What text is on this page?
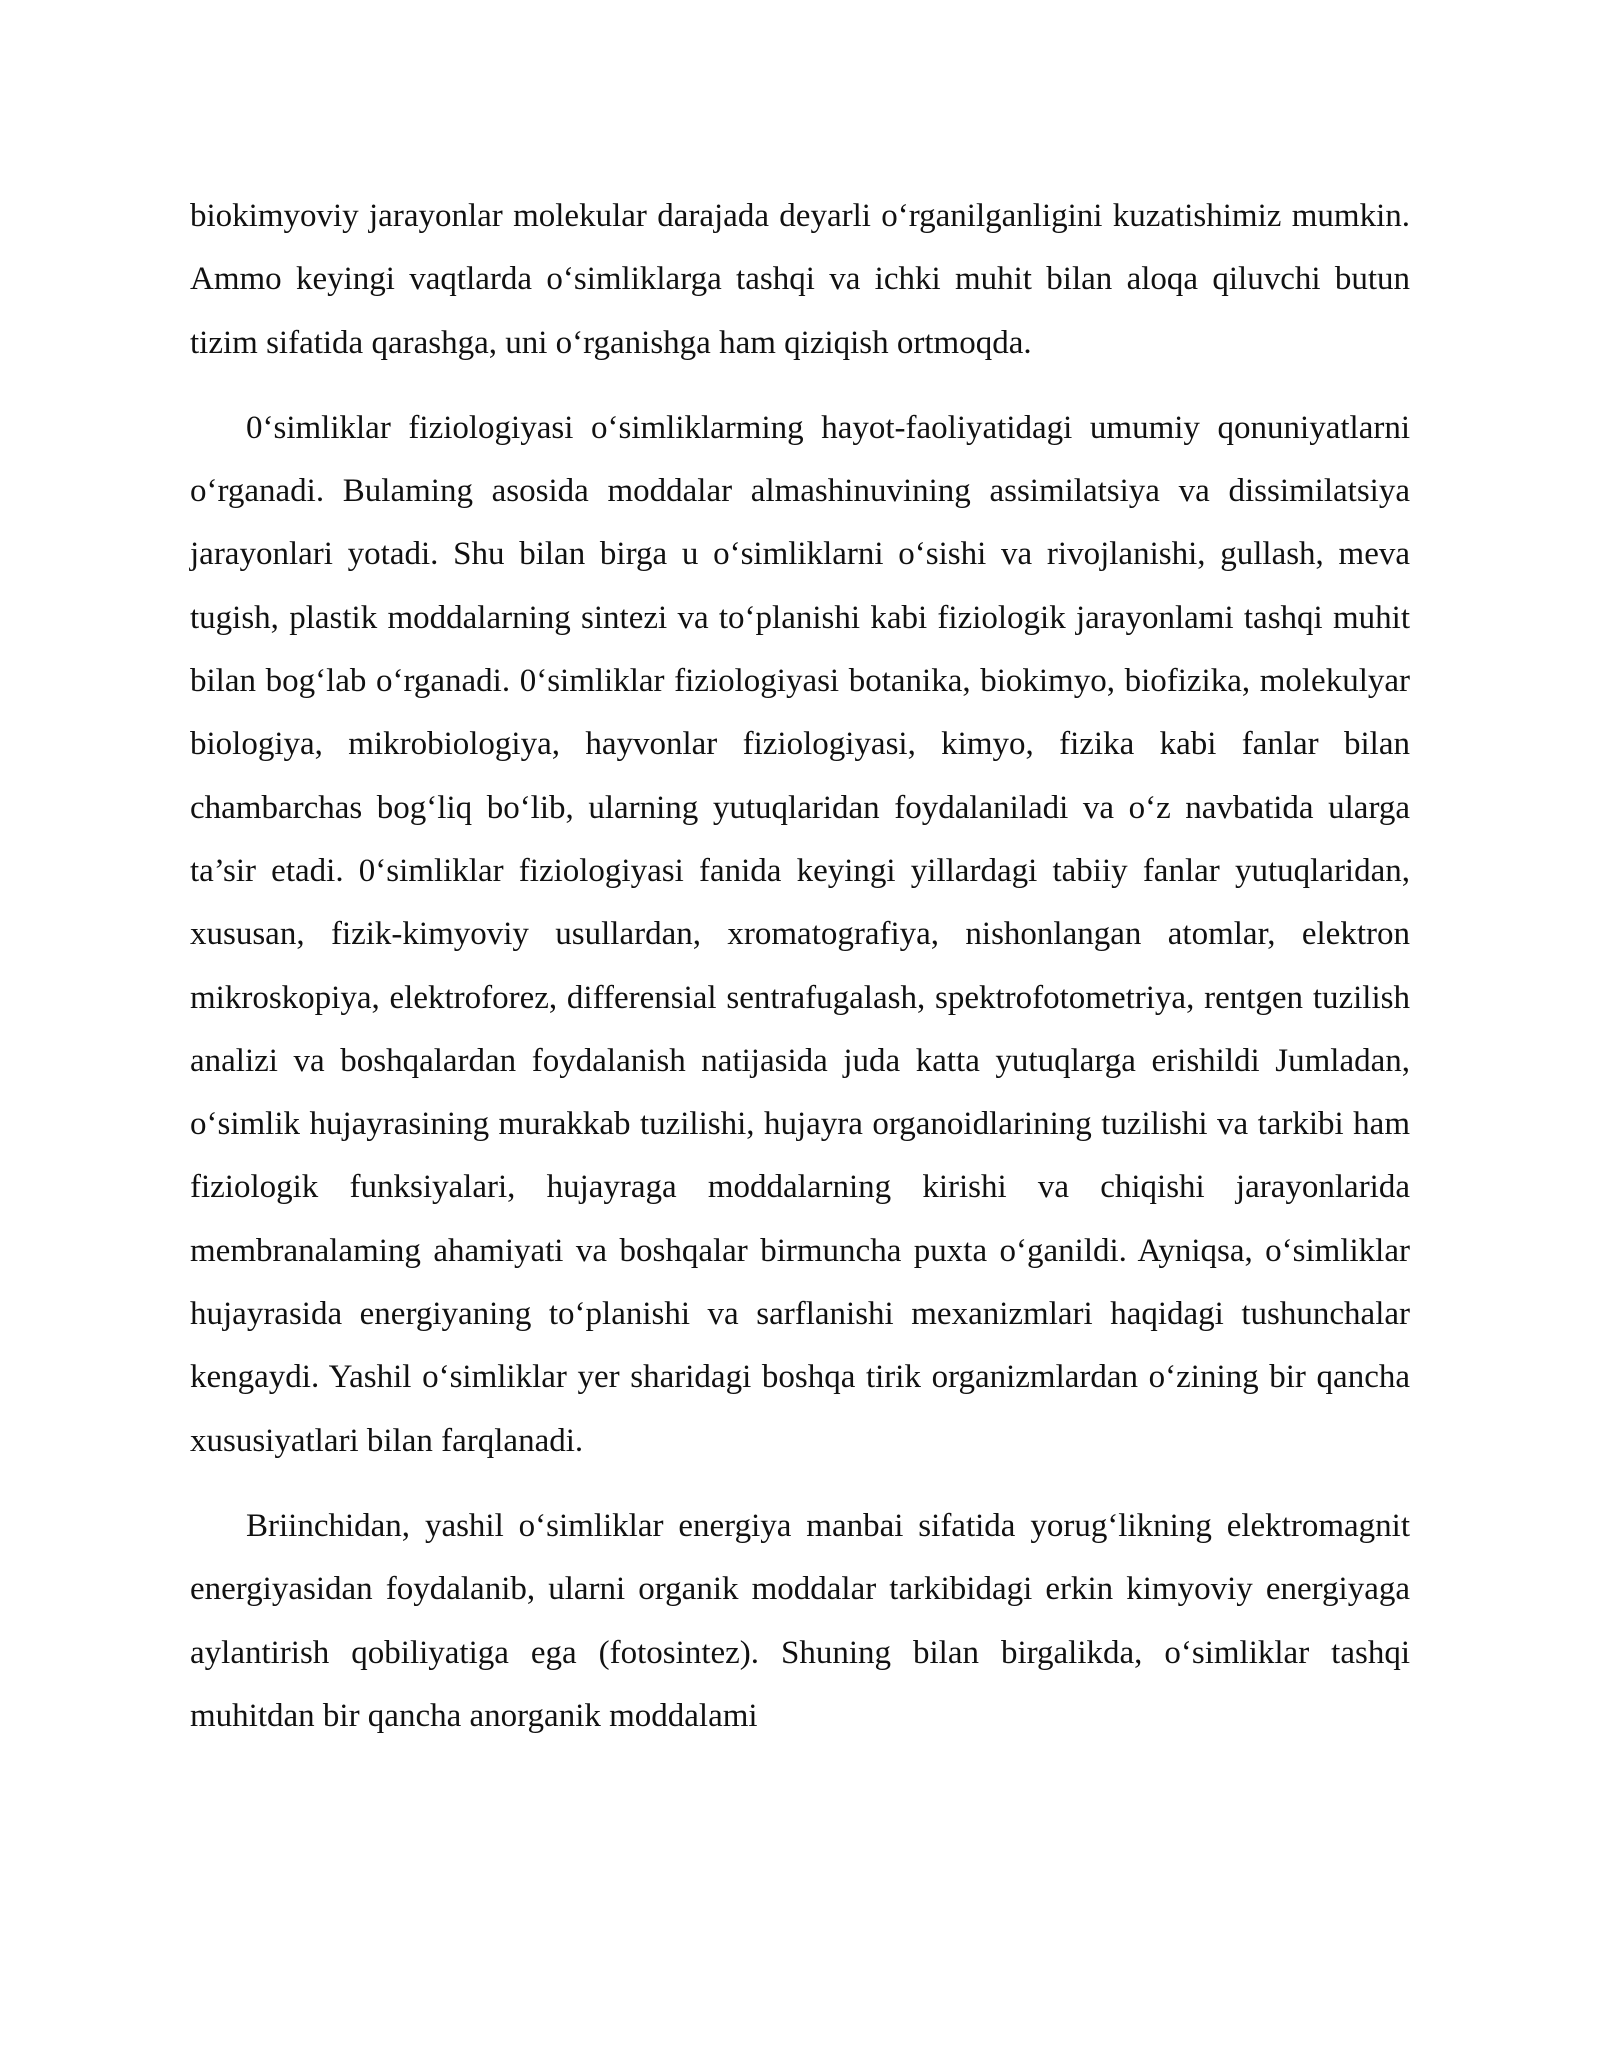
biokimyoviy jarayonlar molekular darajada deyarli o‘rganilganligini kuzatishimiz mumkin. Ammo keyingi vaqtlarda o‘simliklarga tashqi va ichki muhit bilan aloqa qiluvchi butun tizim sifatida qarashga, uni o‘rganishga ham qiziqish ortmoqda.

0‘simliklar fiziologiyasi o‘simliklarming hayot-faoliyatidagi umumiy qonuniyatlarni o‘rganadi. Bulaming asosida moddalar almashinuvining assimilatsiya va dissimilatsiya jarayonlari yotadi. Shu bilan birga u o‘simliklarni o‘sishi va rivojlanishi, gullash, meva tugish, plastik moddalarning sintezi va to‘planishi kabi fiziologik jarayonlami tashqi muhit bilan bog‘lab o‘rganadi. 0‘simliklar fiziologiyasi botanika, biokimyo, biofizika, molekulyar biologiya, mikrobiologiya, hayvonlar fiziologiyasi, kimyo, fizika kabi fanlar bilan chambarchas bog‘liq bo‘lib, ularning yutuqlaridan foydalaniladi va o‘z navbatida ularga ta’sir etadi. 0‘simliklar fiziologiyasi fanida keyingi yillardagi tabiiy fanlar yutuqlaridan, xususan, fizik-kimyoviy usullardan, xromatografiya, nishonlangan atomlar, elektron mikroskopiya, elektroforez, differensial sentrafugalash, spektrofotometriya, rentgen tuzilish analizi va boshqalardan foydalanish natijasida juda katta yutuqlarga erishildi Jumladan, o‘simlik hujayrasining murakkab tuzilishi, hujayra organoidlarining tuzilishi va tarkibi ham fiziologik funksiyalari, hujayraga moddalarning kirishi va chiqishi jarayonlarida membranalaming ahamiyati va boshqalar birmuncha puxta o‘ganildi. Ayniqsa, o‘simliklar hujayrasida energiyaning to‘planishi va sarflanishi mexanizmlari haqidagi tushunchalar kengaydi. Yashil o‘simliklar yer sharidagi boshqa tirik organizmlardan o‘zining bir qancha xususiyatlari bilan farqlanadi.

Briinchidan, yashil o‘simliklar energiya manbai sifatida yorug‘likning elektromagnit energiyasidan foydalanib, ularni organik moddalar tarkibidagi erkin kimyoviy energiyaga aylantirish qobiliyatiga ega (fotosintez). Shuning bilan birgalikda, o‘simliklar tashqi muhitdan bir qancha anorganik moddalami
